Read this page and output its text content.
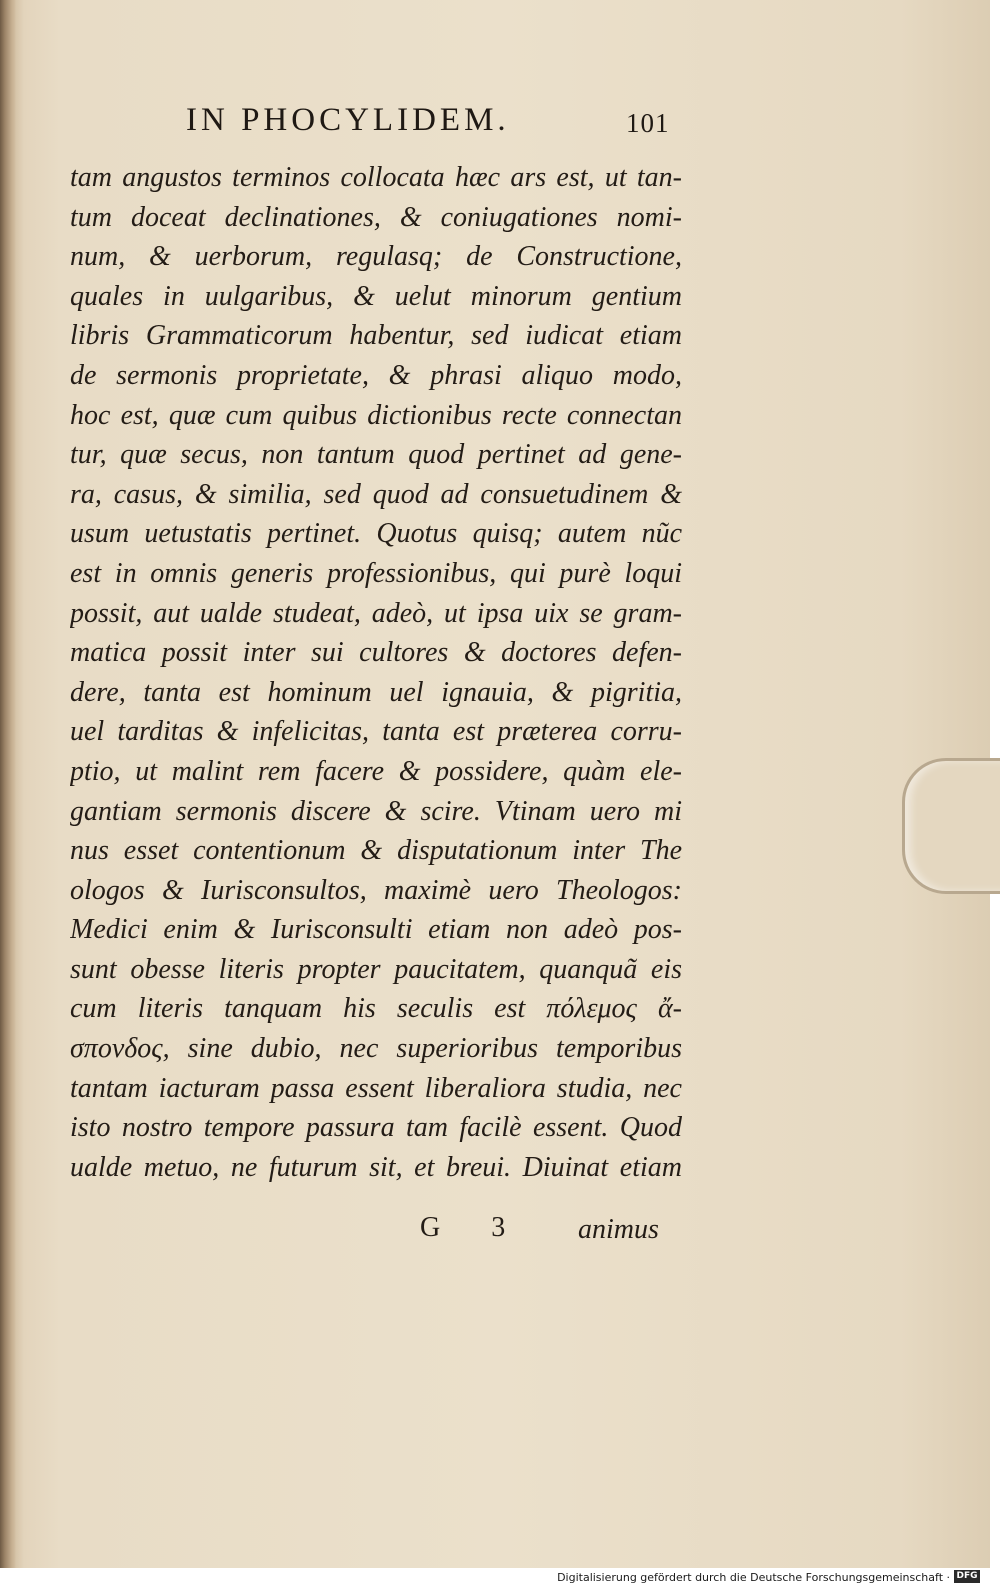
IN PHOCYLIDEM.	101
tam angustos terminos collocata hæc ars est, ut tan-
tum doceat declinationes, & coniugationes nomi-
num, & uerborum, regulasq; de Constructione,
quales in uulgaribus, & uelut minorum gentium
libris Grammaticorum habentur, sed iudicat etiam
de sermonis proprietate, & phrasi aliquo modo,
hoc est, quæ cum quibus dictionibus recte connectan
tur, quæ secus, non tantum quod pertinet ad gene-
ra, casus, & similia, sed quod ad consuetudinem &
usum uetustatis pertinet. Quotus quisq; autem nũc
est in omnis generis professionibus, qui purè loqui
possit, aut ualde studeat, adeò, ut ipsa uix se gram-
matica possit inter sui cultores & doctores defen-
dere, tanta est hominum uel ignauia, & pigritia,
uel tarditas & infelicitas, tanta est præterea corru-
ptio, ut malint rem facere & possidere, quàm ele-
gantiam sermonis discere & scire. Vtinam uero mi
nus esset contentionum & disputationum inter The
ologos & Iurisconsultos, maximè uero Theologos:
Medici enim & Iurisconsulti etiam non adeò pos-
sunt obesse literis propter paucitatem, quanquã eis
cum literis tanquam his seculis est πόλεμος ἄ-
σπονδος, sine dubio, nec superioribus temporibus
tantam iacturam passa essent liberaliora studia, nec
isto nostro tempore passura tam facilè essent. Quod
ualde metuo, ne futurum sit, et breui. Diuinat etiam
G 3 animus
Digitalisierung gefördert durch die Deutsche Forschungsgemeinschaft · DFG
